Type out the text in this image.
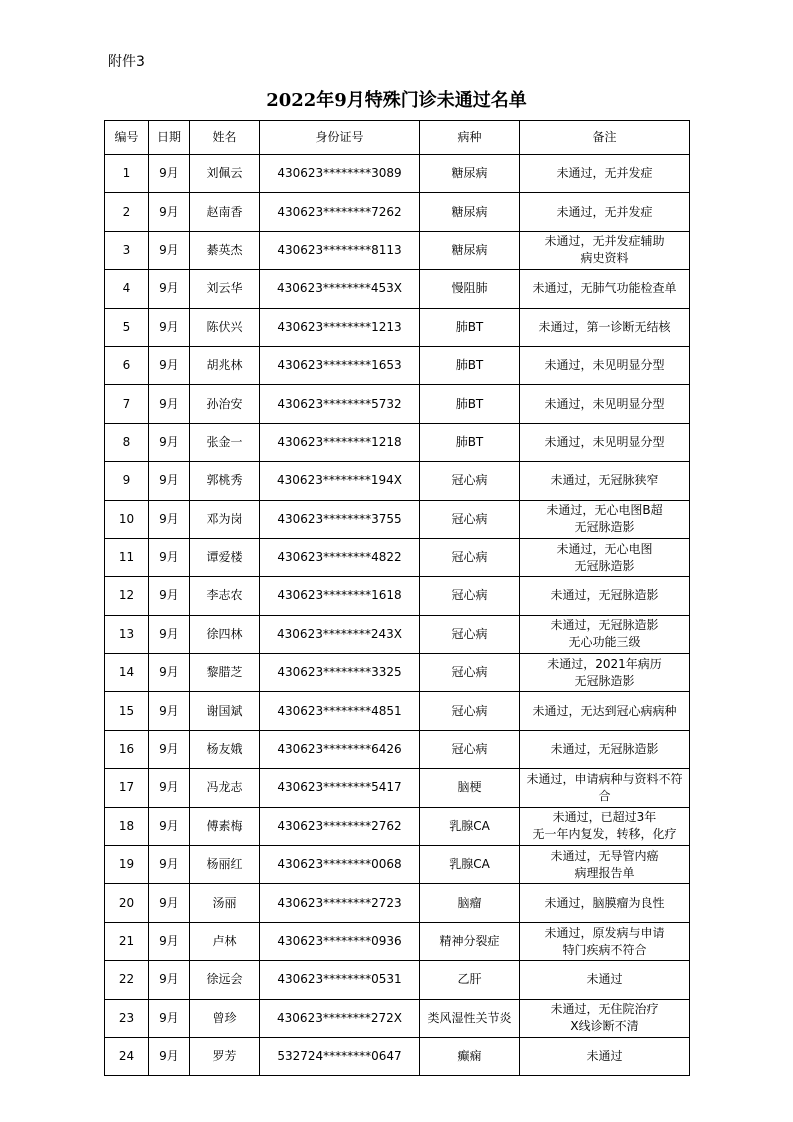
附件3
2022年9月特殊门诊未通过名单
编号	日期	姓名	身份证号	病种	备注
1	9月	刘佩云	430623********3089	糖尿病	未通过，无并发症
2	9月	赵南香	430623********7262	糖尿病	未通过，无并发症
3	9月	綦英杰	430623********8113	糖尿病	未通过，无并发症辅助
病史资料
4	9月	刘云华	430623********453X	慢阻肺	未通过，无肺气功能检查单
5	9月	陈伏兴	430623********1213	肺BT	未通过，第一诊断无结核
6	9月	胡兆林	430623********1653	肺BT	未通过，未见明显分型
7	9月	孙治安	430623********5732	肺BT	未通过，未见明显分型
8	9月	张金一	430623********1218	肺BT	未通过，未见明显分型
9	9月	郭桃秀	430623********194X	冠心病	未通过，无冠脉狭窄
10	9月	邓为岗	430623********3755	冠心病	未通过，无心电图B超
无冠脉造影
11	9月	谭爱楼	430623********4822	冠心病	未通过，无心电图
无冠脉造影
12	9月	李志农	430623********1618	冠心病	未通过，无冠脉造影
13	9月	徐四林	430623********243X	冠心病	未通过，无冠脉造影
无心功能三级
14	9月	黎腊芝	430623********3325	冠心病	未通过，2021年病历
无冠脉造影
15	9月	谢国斌	430623********4851	冠心病	未通过，无达到冠心病病种
16	9月	杨友娥	430623********6426	冠心病	未通过，无冠脉造影
17	9月	冯龙志	430623********5417	脑梗	未通过，申请病种与资料不符
合
18	9月	傅素梅	430623********2762	乳腺CA	未通过，已超过3年
无一年内复发，转移，化疗
19	9月	杨丽红	430623********0068	乳腺CA	未通过，无导管内癌
病理报告单
20	9月	汤丽	430623********2723	脑瘤	未通过，脑膜瘤为良性
21	9月	卢林	430623********0936	精神分裂症	未通过，原发病与申请
特门疾病不符合
22	9月	徐远会	430623********0531	乙肝	未通过
23	9月	曾珍	430623********272X	类风湿性关节炎	未通过，无住院治疗
X线诊断不清
24	9月	罗芳	532724********0647	癫痫	未通过
